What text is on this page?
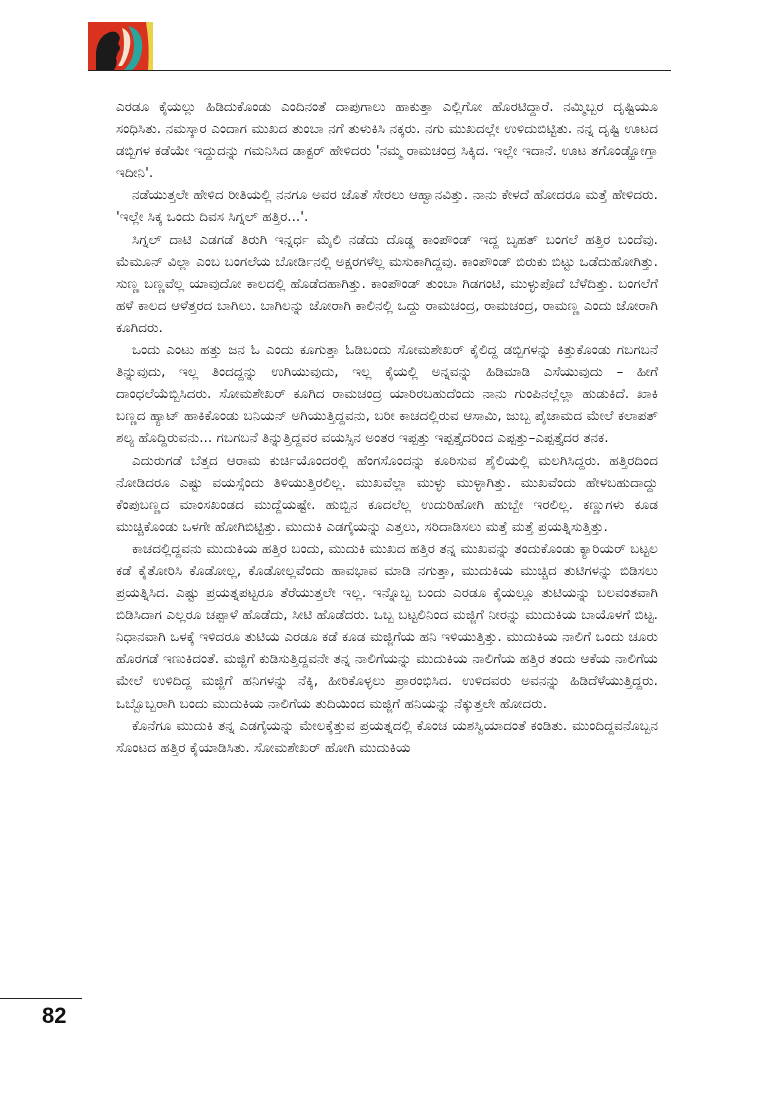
ಎರಡೂ ಕೈಯಲ್ಲು ಹಿಡಿದುಕೊಂಡು ಎಂದಿನಂತೆ ದಾಪುಗಾಲು ಹಾಕುತ್ತಾ ಎಲ್ಲಿಗೋ ಹೊರಟಿದ್ದಾರೆ. ನಮ್ಮಿಬ್ಬರ ದೃಷ್ಟಿಯೂ ಸಂಧಿಸಿತು. ನಮಸ್ಕಾರ ಎಂದಾಗ ಮುಖದ ತುಂಬಾ ನಗೆ ತುಳುಕಿಸಿ ನಕ್ಕರು. ನಗು ಮುಖದಲ್ಲೇ ಉಳಿದುಬಿಟ್ಟಿತು. ನನ್ನ ದೃಷ್ಟಿ ಊಟದ ಡಬ್ಬಿಗಳ ಕಡೆಯೇ ಇದ್ದುದನ್ನು ಗಮನಿಸಿದ ಡಾಕ್ಟರ್ ಹೇಳಿದರು 'ನಮ್ಮ ರಾಮಚಂದ್ರ ಸಿಕ್ಕಿದ. ಇಲ್ಲೇ ಇದಾನೆ. ಊಟ ತಗೊಂಡ್ಹೋಗ್ತಾ ಇದೀನಿ'.

ನಡೆಯುತ್ತಲೇ ಹೇಳಿದ ರೀತಿಯಲ್ಲಿ ನನಗೂ ಅವರ ಜೊತೆ ಸೇರಲು ಆಹ್ವಾನವಿತ್ತು. ನಾನು ಕೇಳದೆ ಹೋದರೂ ಮತ್ತೆ ಹೇಳಿದರು. 'ಇಲ್ಲೇ ಸಿಕ್ಕ ಒಂದು ದಿವಸ ಸಿಗ್ನಲ್ ಹತ್ತಿರ...'.

ಸಿಗ್ನಲ್ ದಾಟಿ ಎಡಗಡೆ ತಿರುಗಿ ಇನ್ನರ್ಧ ಮೈಲಿ ನಡೆದು ದೊಡ್ಡ ಕಾಂಪೌಂಡ್ ಇದ್ದ ಬೃಹತ್ ಬಂಗಲೆ ಹತ್ತಿರ ಬಂದೆವು. ಮೆಮೂನ್ ವಿಲ್ಲಾ ಎಂಬ ಬಂಗಲೆಯ ಬೋರ್ಡಿನಲ್ಲಿ ಅಕ್ಷರಗಳೆಲ್ಲ ಮಸುಕಾಗಿದ್ದವು. ಕಾಂಪೌಂಡ್ ಬಿರುಕು ಬಿಟ್ಟು ಒಡೆದುಹೋಗಿತ್ತು. ಸುಣ್ಣ ಬಣ್ಣವೆಲ್ಲ ಯಾವುದೋ ಕಾಲದಲ್ಲಿ ಹೊಡೆದಹಾಗಿತ್ತು. ಕಾಂಪೌಂಡ್ ತುಂಬಾ ಗಿಡಗಂಟಿ, ಮುಳ್ಳುಪೊದೆ ಬೆಳೆದಿತ್ತು. ಬಂಗಲೆಗೆ ಹಳೆ ಕಾಲದ ಆಳೆತ್ತರದ ಬಾಗಿಲು. ಬಾಗಿಲನ್ನು ಜೋರಾಗಿ ಕಾಲಿನಲ್ಲಿ ಒದ್ದು ರಾಮಚಂದ್ರ, ರಾಮಚಂದ್ರ, ರಾಮಣ್ಣ ಎಂದು ಜೋರಾಗಿ ಕೂಗಿದರು.

ಒಂದು ಎಂಟು ಹತ್ತು ಜನ ಓ ಎಂದು ಕೂಗುತ್ತಾ ಓಡಿಬಂದು ಸೋಮಶೇಖರ್ ಕೈಲಿದ್ದ ಡಬ್ಬಿಗಳನ್ನು ಕಿತ್ತುಕೊಂಡು ಗಬಗಬನೆ ತಿನ್ನುವುದು, ಇಲ್ಲ ತಿಂದದ್ದನ್ನು ಉಗಿಯುವುದು, ಇಲ್ಲ ಕೈಯಲ್ಲಿ ಅನ್ನವನ್ನು ಹಿಡಿಮಾಡಿ ಎಸೆಯುವುದು – ಹೀಗೆ ದಾಂಧಲೆಯೆಬ್ಬಿಸಿದರು. ಸೋಮಶೇಖರ್ ಕೂಗಿದ ರಾಮಚಂದ್ರ ಯಾರಿರಬಹುದೆಂದು ನಾನು ಗುಂಪಿನಲ್ಲೆಲ್ಲಾ ಹುಡುಕಿದೆ. ಖಾಕಿ ಬಣ್ಣದ ಹ್ಯಾಟ್ ಹಾಕಿಕೊಂಡು ಬನಿಯನ್ ಅಗಿಯುತ್ತಿದ್ದವನು, ಬರೀ ಕಾಚದಲ್ಲಿರುವ ಆಸಾಮಿ, ಜುಬ್ಬ ಪೈಜಾಮದ ಮೇಲೆ ಕಲಾಪತ್ ಶಲ್ಯ ಹೊದ್ದಿರುವನು... ಗಬಗಬನೆ ತಿನ್ನುತ್ತಿದ್ದವರ ವಯಸ್ಸಿನ ಅಂತರ ಇಪ್ಪತ್ತು ಇಪ್ಪತ್ತೈದರಿಂದ ಎಪ್ಪತ್ತು–ಎಪ್ಪತ್ತೈದರ ತನಕ.

ಎದುರುಗಡೆ ಬೆತ್ತದ ಆರಾಮ ಕುರ್ಚಿಯೊಂದರಲ್ಲಿ ಹೆಂಗಸೊಂದನ್ನು ಕೂರಿಸುವ ಶೈಲಿಯಲ್ಲಿ ಮಲಗಿಸಿದ್ದರು. ಹತ್ತಿರದಿಂದ ನೋಡಿದರೂ ಎಷ್ಟು ವಯಸ್ಸೆಂದು ತಿಳಿಯುತ್ತಿರಲಿಲ್ಲ. ಮುಖವೆಲ್ಲಾ ಮುಳ್ಳು ಮುಳ್ಳಾಗಿತ್ತು. ಮುಖವೆಂದು ಹೇಳಬಹುದಾದ್ದು ಕೆಂಪುಬಣ್ಣದ ಮಾಂಸಖಂಡದ ಮುದ್ದೆಯಷ್ಟೇ. ಹುಬ್ಬಿನ ಕೂದಲೆಲ್ಲ ಉದುರಿಹೋಗಿ ಹುಬ್ಬೇ ಇರಲಿಲ್ಲ. ಕಣ್ಣುಗಳು ಕೂಡ ಮುಚ್ಚಿಕೊಂಡು ಒಳಗೇ ಹೋಗಿಬಿಟ್ಟಿತ್ತು. ಮುದುಕಿ ಎಡಗೈಯನ್ನು ಎತ್ತಲು, ಸರಿದಾಡಿಸಲು ಮತ್ತೆ ಮತ್ತೆ ಪ್ರಯತ್ನಿಸುತ್ತಿತ್ತು.

ಕಾಚದಲ್ಲಿದ್ದವನು ಮುದುಕಿಯ ಹತ್ತಿರ ಬಂದು, ಮುದುಕಿ ಮುಖದ ಹತ್ತಿರ ತನ್ನ ಮುಖವನ್ನು ತಂದುಕೊಂಡು ಕ್ಯಾರಿಯರ್ ಬಟ್ಟಲ ಕಡೆ ಕೈತೋರಿಸಿ ಕೊಡೋಲ್ಲ, ಕೊಡೋಲ್ಲವೆಂದು ಹಾವಭಾವ ಮಾಡಿ ನಗುತ್ತಾ, ಮುದುಕಿಯ ಮುಚ್ಚಿದ ತುಟಿಗಳನ್ನು ಬಿಡಿಸಲು ಪ್ರಯತ್ನಿಸಿದ. ಎಷ್ಟು ಪ್ರಯತ್ನಪಟ್ಟರೂ ತೆರೆಯುತ್ತಲೇ ಇಲ್ಲ. ಇನ್ನೊಬ್ಬ ಬಂದು ಎರಡೂ ಕೈಯಲ್ಲೂ ತುಟಿಯನ್ನು ಬಲವಂತವಾಗಿ ಬಿಡಿಸಿದಾಗ ಎಲ್ಲರೂ ಚಪ್ಪಾಳೆ ಹೊಡೆದು, ಸೀಟಿ ಹೊಡೆದರು. ಒಬ್ಬ ಬಟ್ಟಲಿನಿಂದ ಮಜ್ಜಿಗೆ ನೀರನ್ನು ಮುದುಕಿಯ ಬಾಯೊಳಗೆ ಬಿಟ್ಟ. ನಿಧಾನವಾಗಿ ಒಳಕ್ಕೆ ಇಳಿದರೂ ತುಟಿಯ ಎರಡೂ ಕಡೆ ಕೂಡ ಮಜ್ಜಿಗೆಯ ಹನಿ ಇಳಿಯುತ್ತಿತ್ತು. ಮುದುಕಿಯ ನಾಲಿಗೆ ಒಂದು ಚೂರು ಹೊರಗಡೆ ಇಣುಕಿದಂತೆ. ಮಜ್ಜಿಗೆ ಕುಡಿಸುತ್ತಿದ್ದವನೇ ತನ್ನ ನಾಲಿಗೆಯನ್ನು ಮುದುಕಿಯ ನಾಲಿಗೆಯ ಹತ್ತಿರ ತಂದು ಆಕೆಯ ನಾಲಿಗೆಯ ಮೇಲೆ ಉಳಿದಿದ್ದ ಮಜ್ಜಿಗೆ ಹನಿಗಳನ್ನು ನೆಕ್ಕಿ, ಹೀರಿಕೊಳ್ಳಲು ಪ್ರಾರಂಭಿಸಿದ. ಉಳಿದವರು ಅವನನ್ನು ಹಿಡಿದೆಳೆಯುತ್ತಿದ್ದರು. ಒಬ್ಬೊಬ್ಬರಾಗಿ ಬಂದು ಮುದುಕಿಯ ನಾಲಿಗೆಯ ತುದಿಯಿಂದ ಮಜ್ಜಿಗೆ ಹನಿಯನ್ನು ನೆಕ್ಕುತ್ತಲೇ ಹೋದರು.

ಕೊನೆಗೂ ಮುದುಕಿ ತನ್ನ ಎಡಗೈಯನ್ನು ಮೇಲಕ್ಕೆತ್ತುವ ಪ್ರಯತ್ನದಲ್ಲಿ ಕೊಂಚ ಯಶಸ್ವಿಯಾದಂತೆ ಕಂಡಿತು. ಮುಂದಿದ್ದವನೊಬ್ಬನ ಸೊಂಟದ ಹತ್ತಿರ ಕೈಯಾಡಿಸಿತು. ಸೋಮಶೇಖರ್ ಹೋಗಿ ಮುದುಕಿಯ

82
